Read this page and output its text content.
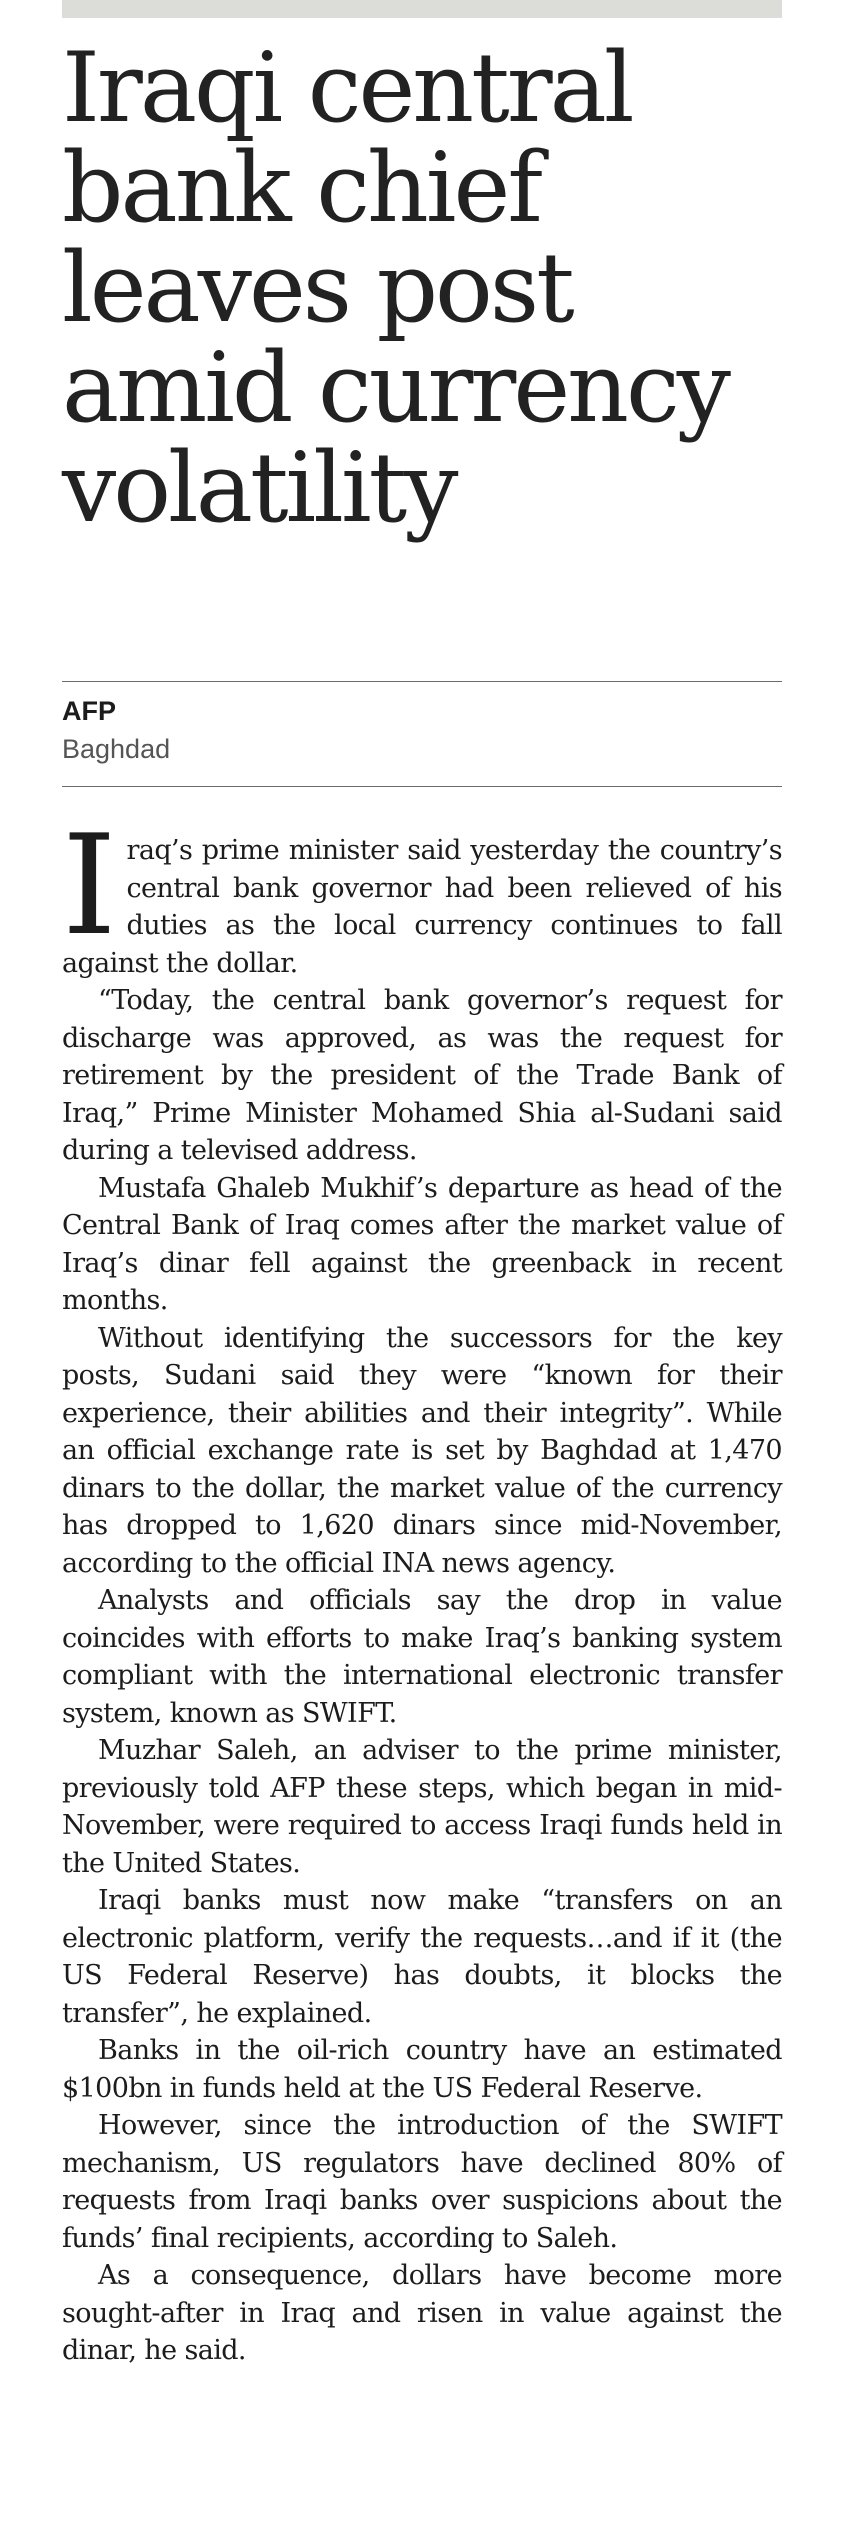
Iraqi central bank chief leaves post amid currency volatility
AFP
Baghdad

Iraq’s prime minister said yesterday the country’s central bank governor had been relieved of his duties as the local currency continues to fall against the dollar.

“Today, the central bank governor’s request for discharge was approved, as was the request for retirement by the president of the Trade Bank of Iraq,” Prime Minister Mohamed Shia al-Sudani said during a televised address.

Mustafa Ghaleb Mukhif’s departure as head of the Central Bank of Iraq comes after the market value of Iraq’s dinar fell against the greenback in recent months.

Without identifying the successors for the key posts, Sudani said they were “known for their experience, their abilities and their integrity”. While an official exchange rate is set by Baghdad at 1,470 dinars to the dollar, the market value of the currency has dropped to 1,620 dinars since mid-November, according to the official INA news agency.

Analysts and officials say the drop in value coincides with efforts to make Iraq’s banking system compliant with the international electronic transfer system, known as SWIFT.

Muzhar Saleh, an adviser to the prime minister, previously told AFP these steps, which began in mid-November, were required to access Iraqi funds held in the United States.

Iraqi banks must now make “transfers on an electronic platform, verify the requests…and if it (the US Federal Reserve) has doubts, it blocks the transfer”, he explained.

Banks in the oil-rich country have an estimated $100bn in funds held at the US Federal Reserve.

However, since the introduction of the SWIFT mechanism, US regulators have declined 80% of requests from Iraqi banks over suspicions about the funds’ final recipients, according to Saleh.

As a consequence, dollars have become more sought-after in Iraq and risen in value against the dinar, he said.
